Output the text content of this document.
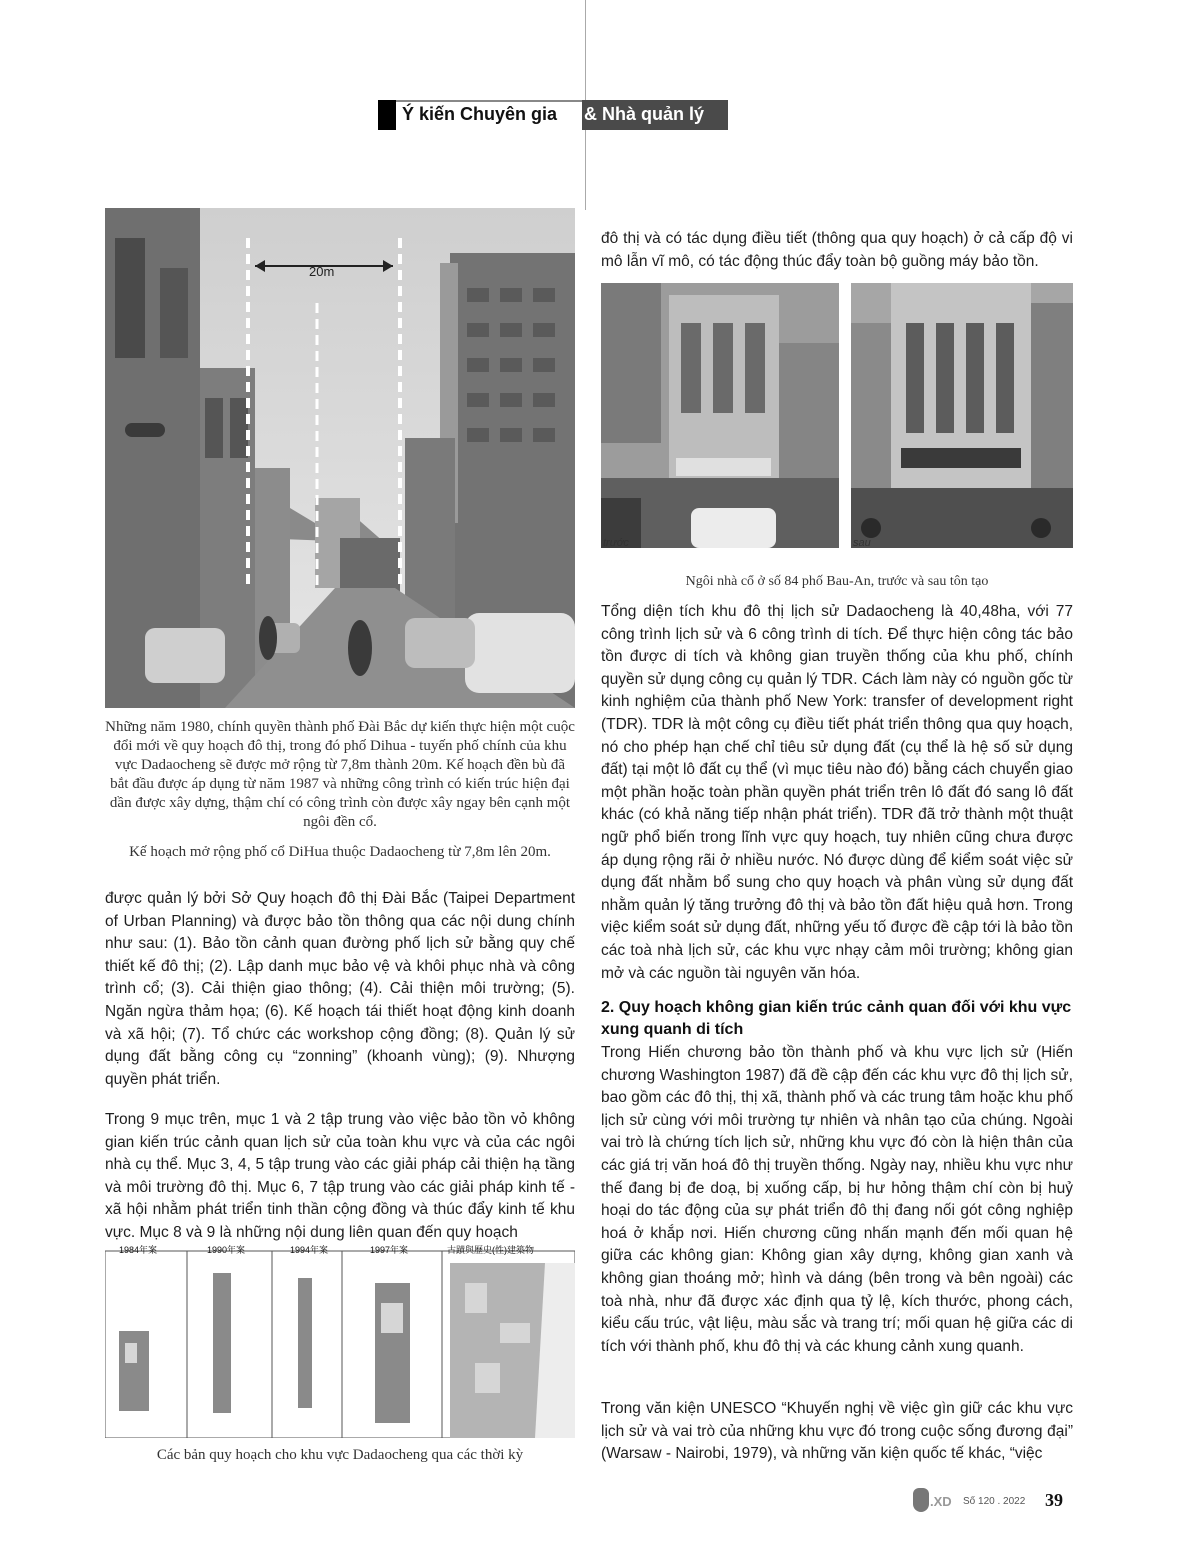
Ý kiến Chuyên gia & Nhà quản lý
20m
Những năm 1980, chính quyền thành phố Đài Bắc dự kiến thực hiện một cuộc đổi mới về quy hoạch đô thị, trong đó phố Dihua - tuyến phố chính của khu vực Dadaocheng sẽ được mở rộng từ 7,8m thành 20m. Kế hoạch đền bù đã bắt đầu được áp dụng từ năm 1987 và những công trình có kiến trúc hiện đại dần được xây dựng, thậm chí có công trình còn được xây ngay bên cạnh một ngôi đền cổ.
Kế hoạch mở rộng phố cổ DiHua thuộc Dadaocheng từ 7,8m lên 20m.
được quản lý bởi Sở Quy hoạch đô thị Đài Bắc (Taipei Department of Urban Planning) và được bảo tồn thông qua các nội dung chính như sau: (1). Bảo tồn cảnh quan đường phố lịch sử bằng quy chế thiết kế đô thị; (2). Lập danh mục bảo vệ và khôi phục nhà và công trình cổ; (3). Cải thiện giao thông; (4). Cải thiện môi trường; (5). Ngăn ngừa thảm họa; (6). Kế hoạch tái thiết hoạt động kinh doanh và xã hội; (7). Tổ chức các workshop cộng đồng; (8). Quản lý sử dụng đất bằng công cụ “zonning” (khoanh vùng); (9). Nhượng quyền phát triển.
Trong 9 mục trên, mục 1 và 2 tập trung vào việc bảo tồn vỏ không gian kiến trúc cảnh quan lịch sử của toàn khu vực và của các ngôi nhà cụ thể. Mục 3, 4, 5 tập trung vào các giải pháp cải thiện hạ tầng và môi trường đô thị. Mục 6, 7 tập trung vào các giải pháp kinh tế - xã hội nhằm phát triển tinh thần cộng đồng và thúc đẩy kinh tế khu vực. Mục 8 và 9 là những nội dung liên quan đến quy hoạch
1984年案	1990年案	1994年案	1997年案	古蹟與歷史(性)建築物
Các bản quy hoạch cho khu vực Dadaocheng qua các thời kỳ
đô thị và có tác dụng điều tiết (thông qua quy hoạch) ở cả cấp độ vi mô lẫn vĩ mô, có tác động thúc đẩy toàn bộ guồng máy bảo tồn.
trước	sau
Ngôi nhà cổ ở số 84 phố Bau-An, trước và sau tôn tạo
Tổng diện tích khu đô thị lịch sử Dadaocheng là 40,48ha, với 77 công trình lịch sử và 6 công trình di tích. Để thực hiện công tác bảo tồn được di tích và không gian truyền thống của khu phố, chính quyền sử dụng công cụ quản lý TDR. Cách làm này có nguồn gốc từ kinh nghiệm của thành phố New York: transfer of development right (TDR). TDR là một công cụ điều tiết phát triển thông qua quy hoạch, nó cho phép hạn chế chỉ tiêu sử dụng đất (cụ thể là hệ số sử dụng đất) tại một lô đất cụ thể (vì mục tiêu nào đó) bằng cách chuyển giao một phần hoặc toàn phần quyền phát triển trên lô đất đó sang lô đất khác (có khả năng tiếp nhận phát triển). TDR đã trở thành một thuật ngữ phổ biến trong lĩnh vực quy hoạch, tuy nhiên cũng chưa được áp dụng rộng rãi ở nhiều nước. Nó được dùng để kiểm soát việc sử dụng đất nhằm bổ sung cho quy hoạch và phân vùng sử dụng đất nhằm quản lý tăng trưởng đô thị và bảo tồn đất hiệu quả hơn. Trong việc kiểm soát sử dụng đất, những yếu tố được đề cập tới là bảo tồn các toà nhà lịch sử, các khu vực nhạy cảm môi trường; không gian mở và các nguồn tài nguyên văn hóa.
2. Quy hoạch không gian kiến trúc cảnh quan đối với khu vực xung quanh di tích
Trong Hiến chương bảo tồn thành phố và khu vực lịch sử (Hiến chương Washington 1987) đã đề cập đến các khu vực đô thị lịch sử, bao gồm các đô thị, thị xã, thành phố và các trung tâm hoặc khu phố lịch sử cùng với môi trường tự nhiên và nhân tạo của chúng. Ngoài vai trò là chứng tích lịch sử, những khu vực đó còn là hiện thân của các giá trị văn hoá đô thị truyền thống. Ngày nay, nhiều khu vực như thế đang bị đe doạ, bị xuống cấp, bị hư hỏng thậm chí còn bị huỷ hoại do tác động của sự phát triển đô thị đang nối gót công nghiệp hoá ở khắp nơi. Hiến chương cũng nhấn mạnh đến mối quan hệ giữa các không gian: Không gian xây dựng, không gian xanh và không gian thoáng mở; hình và dáng (bên trong và bên ngoài) các toà nhà, như đã được xác định qua tỷ lệ, kích thước, phong cách, kiểu cấu trúc, vật liệu, màu sắc và trang trí; mối quan hệ giữa các di tích với thành phố, khu đô thị và các khung cảnh xung quanh.
Trong văn kiện UNESCO “Khuyến nghị về việc gìn giữ các khu vực lịch sử và vai trò của những khu vực đó trong cuộc sống đương đại” (Warsaw - Nairobi, 1979), và những văn kiện quốc tế khác, “việc
.XD Số 120 . 2022 39
